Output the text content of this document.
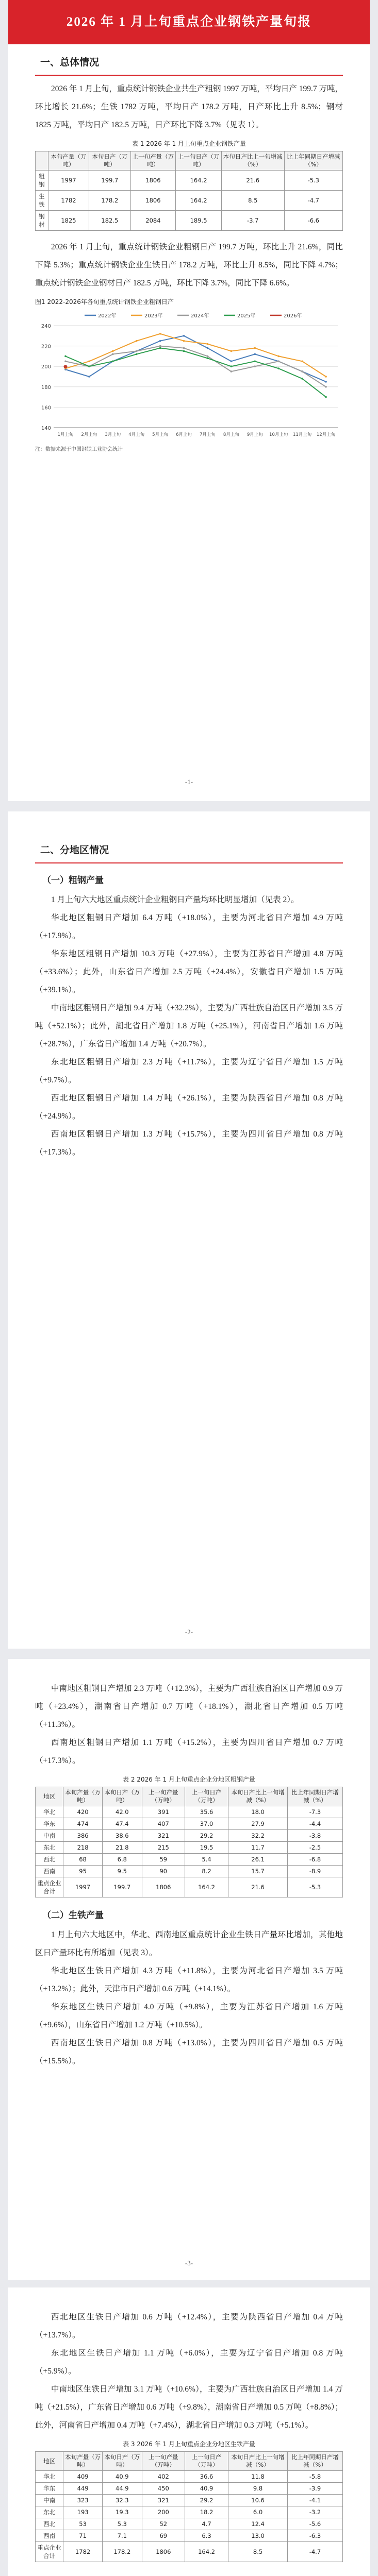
2026 年 1 月上旬重点企业钢铁产量旬报
一、总体情况

2026 年 1 月上旬，重点统计钢铁企业共生产粗钢 1997 万吨，平均日产 199.7 万吨，环比增长 21.6%；生铁 1782 万吨，平均日产 178.2 万吨，日产环比上升 8.5%；钢材 1825 万吨，平均日产 182.5 万吨，日产环比下降 3.7%（见表 1）。

表 1 2026 年 1 月上旬重点企业钢铁产量
	本旬产量（万吨）	本旬日产（万吨）	上一旬产量（万吨）	上一旬日产（万吨）	本旬日产比上一旬增减（%）	比上年同期日产增减（%）
粗钢	1997	199.7	1806	164.2	21.6	-5.3
生铁	1782	178.2	1806	164.2	8.5	-4.7
钢材	1825	182.5	2084	189.5	-3.7	-6.6

2026 年 1 月上旬，重点统计钢铁企业粗钢日产 199.7 万吨，环比上升 21.6%，同比下降 5.3%；重点统计钢铁企业生铁日产 178.2 万吨，环比上升 8.5%，同比下降 4.7%；重点统计钢铁企业钢材日产 182.5 万吨，环比下降 3.7%，同比下降 6.6%。

图1 2022-2026年各旬重点统计钢铁企业粗钢日产
140
160
180
200
220
240
1月上旬 2月上旬 3月上旬 4月上旬 5月上旬 6月上旬 7月上旬 8月上旬 9月上旬 10月上旬 11月上旬 12月上旬
2022年	2023年	2024年	2025年	2026年
注：数据来源于中国钢铁工业协会统计
-1-
二、分地区情况
（一）粗钢产量

1 月上旬六大地区重点统计企业粗钢日产量均环比明显增加（见表 2）。

华北地区粗钢日产增加 6.4 万吨（+18.0%），主要为河北省日产增加 4.9 万吨（+17.9%）。

华东地区粗钢日产增加 10.3 万吨（+27.9%），主要为江苏省日产增加 4.8 万吨（+33.6%）；此外，山东省日产增加 2.5 万吨（+24.4%），安徽省日产增加 1.5 万吨（+39.1%）。

中南地区粗钢日产增加 9.4 万吨（+32.2%），主要为广西壮族自治区日产增加 3.5 万吨（+52.1%）；此外，湖北省日产增加 1.8 万吨（+25.1%），河南省日产增加 1.6 万吨（+28.7%），广东省日产增加 1.4 万吨（+20.7%）。

东北地区粗钢日产增加 2.3 万吨（+11.7%），主要为辽宁省日产增加 1.5 万吨（+9.7%）。

西北地区粗钢日产增加 1.4 万吨（+26.1%），主要为陕西省日产增加 0.8 万吨（+24.9%）。

西南地区粗钢日产增加 1.3 万吨（+15.7%），主要为四川省日产增加 0.8 万吨（+17.3%）。

-2-

中南地区粗钢日产增加 2.3 万吨（+12.3%），主要为广西壮族自治区日产增加 0.9 万吨（+23.4%），湖南省日产增加 0.7 万吨（+18.1%），湖北省日产增加 0.5 万吨（+11.3%）。

西南地区粗钢日产增加 1.1 万吨（+15.2%），主要为四川省日产增加 0.7 万吨（+17.3%）。

表 2 2026 年 1 月上旬重点企业分地区粗钢产量
地区	本旬产量（万吨）	本旬日产（万吨）	上一旬产量（万吨）	上一旬日产（万吨）	本旬日产比上一旬增减（%）	比上年同期日产增减（%）
华北	420	42.0	391	35.6	18.0	-7.3
华东	474	47.4	407	37.0	27.9	-4.4
中南	386	38.6	321	29.2	32.2	-3.8
东北	218	21.8	215	19.5	11.7	-2.5
西北	68	6.8	59	5.4	26.1	-6.8
西南	95	9.5	90	8.2	15.7	-8.9
重点企业合计	1997	199.7	1806	164.2	21.6	-5.3
（二）生铁产量

1 月上旬六大地区中，华北、西南地区重点统计企业生铁日产量环比增加，其他地区日产量环比有所增加（见表 3）。

华北地区生铁日产增加 4.3 万吨（+11.8%），主要为河北省日产增加 3.5 万吨（+13.2%）；此外，天津市日产增加 0.6 万吨（+14.1%）。

华东地区生铁日产增加 4.0 万吨（+9.8%），主要为江苏省日产增加 1.6 万吨（+9.6%），山东省日产增加 1.2 万吨（+10.5%）。

西南地区生铁日产增加 0.8 万吨（+13.0%），主要为四川省日产增加 0.5 万吨（+15.5%）。

-3-

西北地区生铁日产增加 0.6 万吨（+12.4%），主要为陕西省日产增加 0.4 万吨（+13.7%）。

东北地区生铁日产增加 1.1 万吨（+6.0%），主要为辽宁省日产增加 0.8 万吨（+5.9%）。

中南地区生铁日产增加 3.1 万吨（+10.6%），主要为广西壮族自治区日产增加 1.4 万吨（+21.5%），广东省日产增加 0.6 万吨（+9.8%），湖南省日产增加 0.5 万吨（+8.8%）；此外，河南省日产增加 0.4 万吨（+7.4%），湖北省日产增加 0.3 万吨（+5.1%）。

表 3 2026 年 1 月上旬重点企业分地区生铁产量
地区	本旬产量（万吨）	本旬日产（万吨）	上一旬产量（万吨）	上一旬日产（万吨）	本旬日产比上一旬增减（%）	比上年同期日产增减（%）
华北	409	40.9	402	36.6	11.8	-5.8
华东	449	44.9	450	40.9	9.8	-3.9
中南	323	32.3	321	29.2	10.6	-4.1
东北	193	19.3	200	18.2	6.0	-3.2
西北	53	5.3	52	4.7	12.4	-5.6
西南	71	7.1	69	6.3	13.0	-6.3
重点企业合计	1782	178.2	1806	164.2	8.5	-4.7
